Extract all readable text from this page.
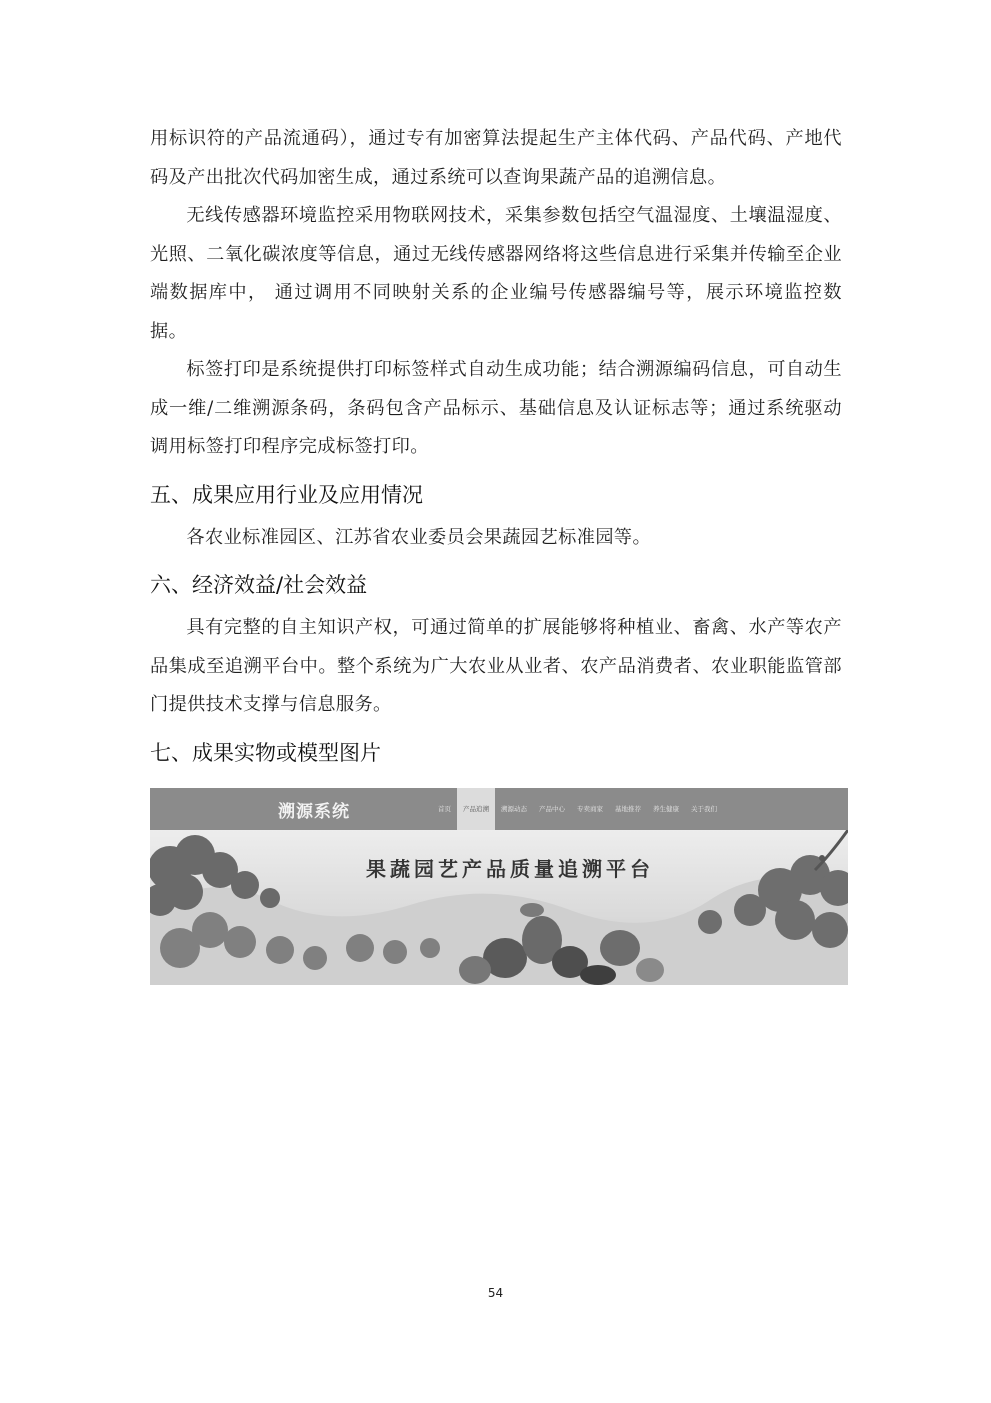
用标识符的产品流通码），通过专有加密算法提起生产主体代码、产品代码、产地代码及产出批次代码加密生成，通过系统可以查询果蔬产品的追溯信息。

无线传感器环境监控采用物联网技术，采集参数包括空气温湿度、土壤温湿度、光照、二氧化碳浓度等信息，通过无线传感器网络将这些信息进行采集并传输至企业端数据库中， 通过调用不同映射关系的企业编号传感器编号等，展示环境监控数据。

标签打印是系统提供打印标签样式自动生成功能；结合溯源编码信息，可自动生成一维/二维溯源条码，条码包含产品标示、基础信息及认证标志等；通过系统驱动调用标签打印程序完成标签打印。

五、成果应用行业及应用情况

各农业标准园区、江苏省农业委员会果蔬园艺标准园等。

六、经济效益/社会效益

具有完整的自主知识产权，可通过简单的扩展能够将种植业、畜禽、水产等农产品集成至追溯平台中。整个系统为广大农业从业者、农产品消费者、农业职能监管部门提供技术支撑与信息服务。

七、成果实物或模型图片
溯源系统	首页	产品追溯	溯源动态	产品中心	专卖商家	基地推荐	养生健康	关于我们
果蔬园艺产品质量追溯平台
54
